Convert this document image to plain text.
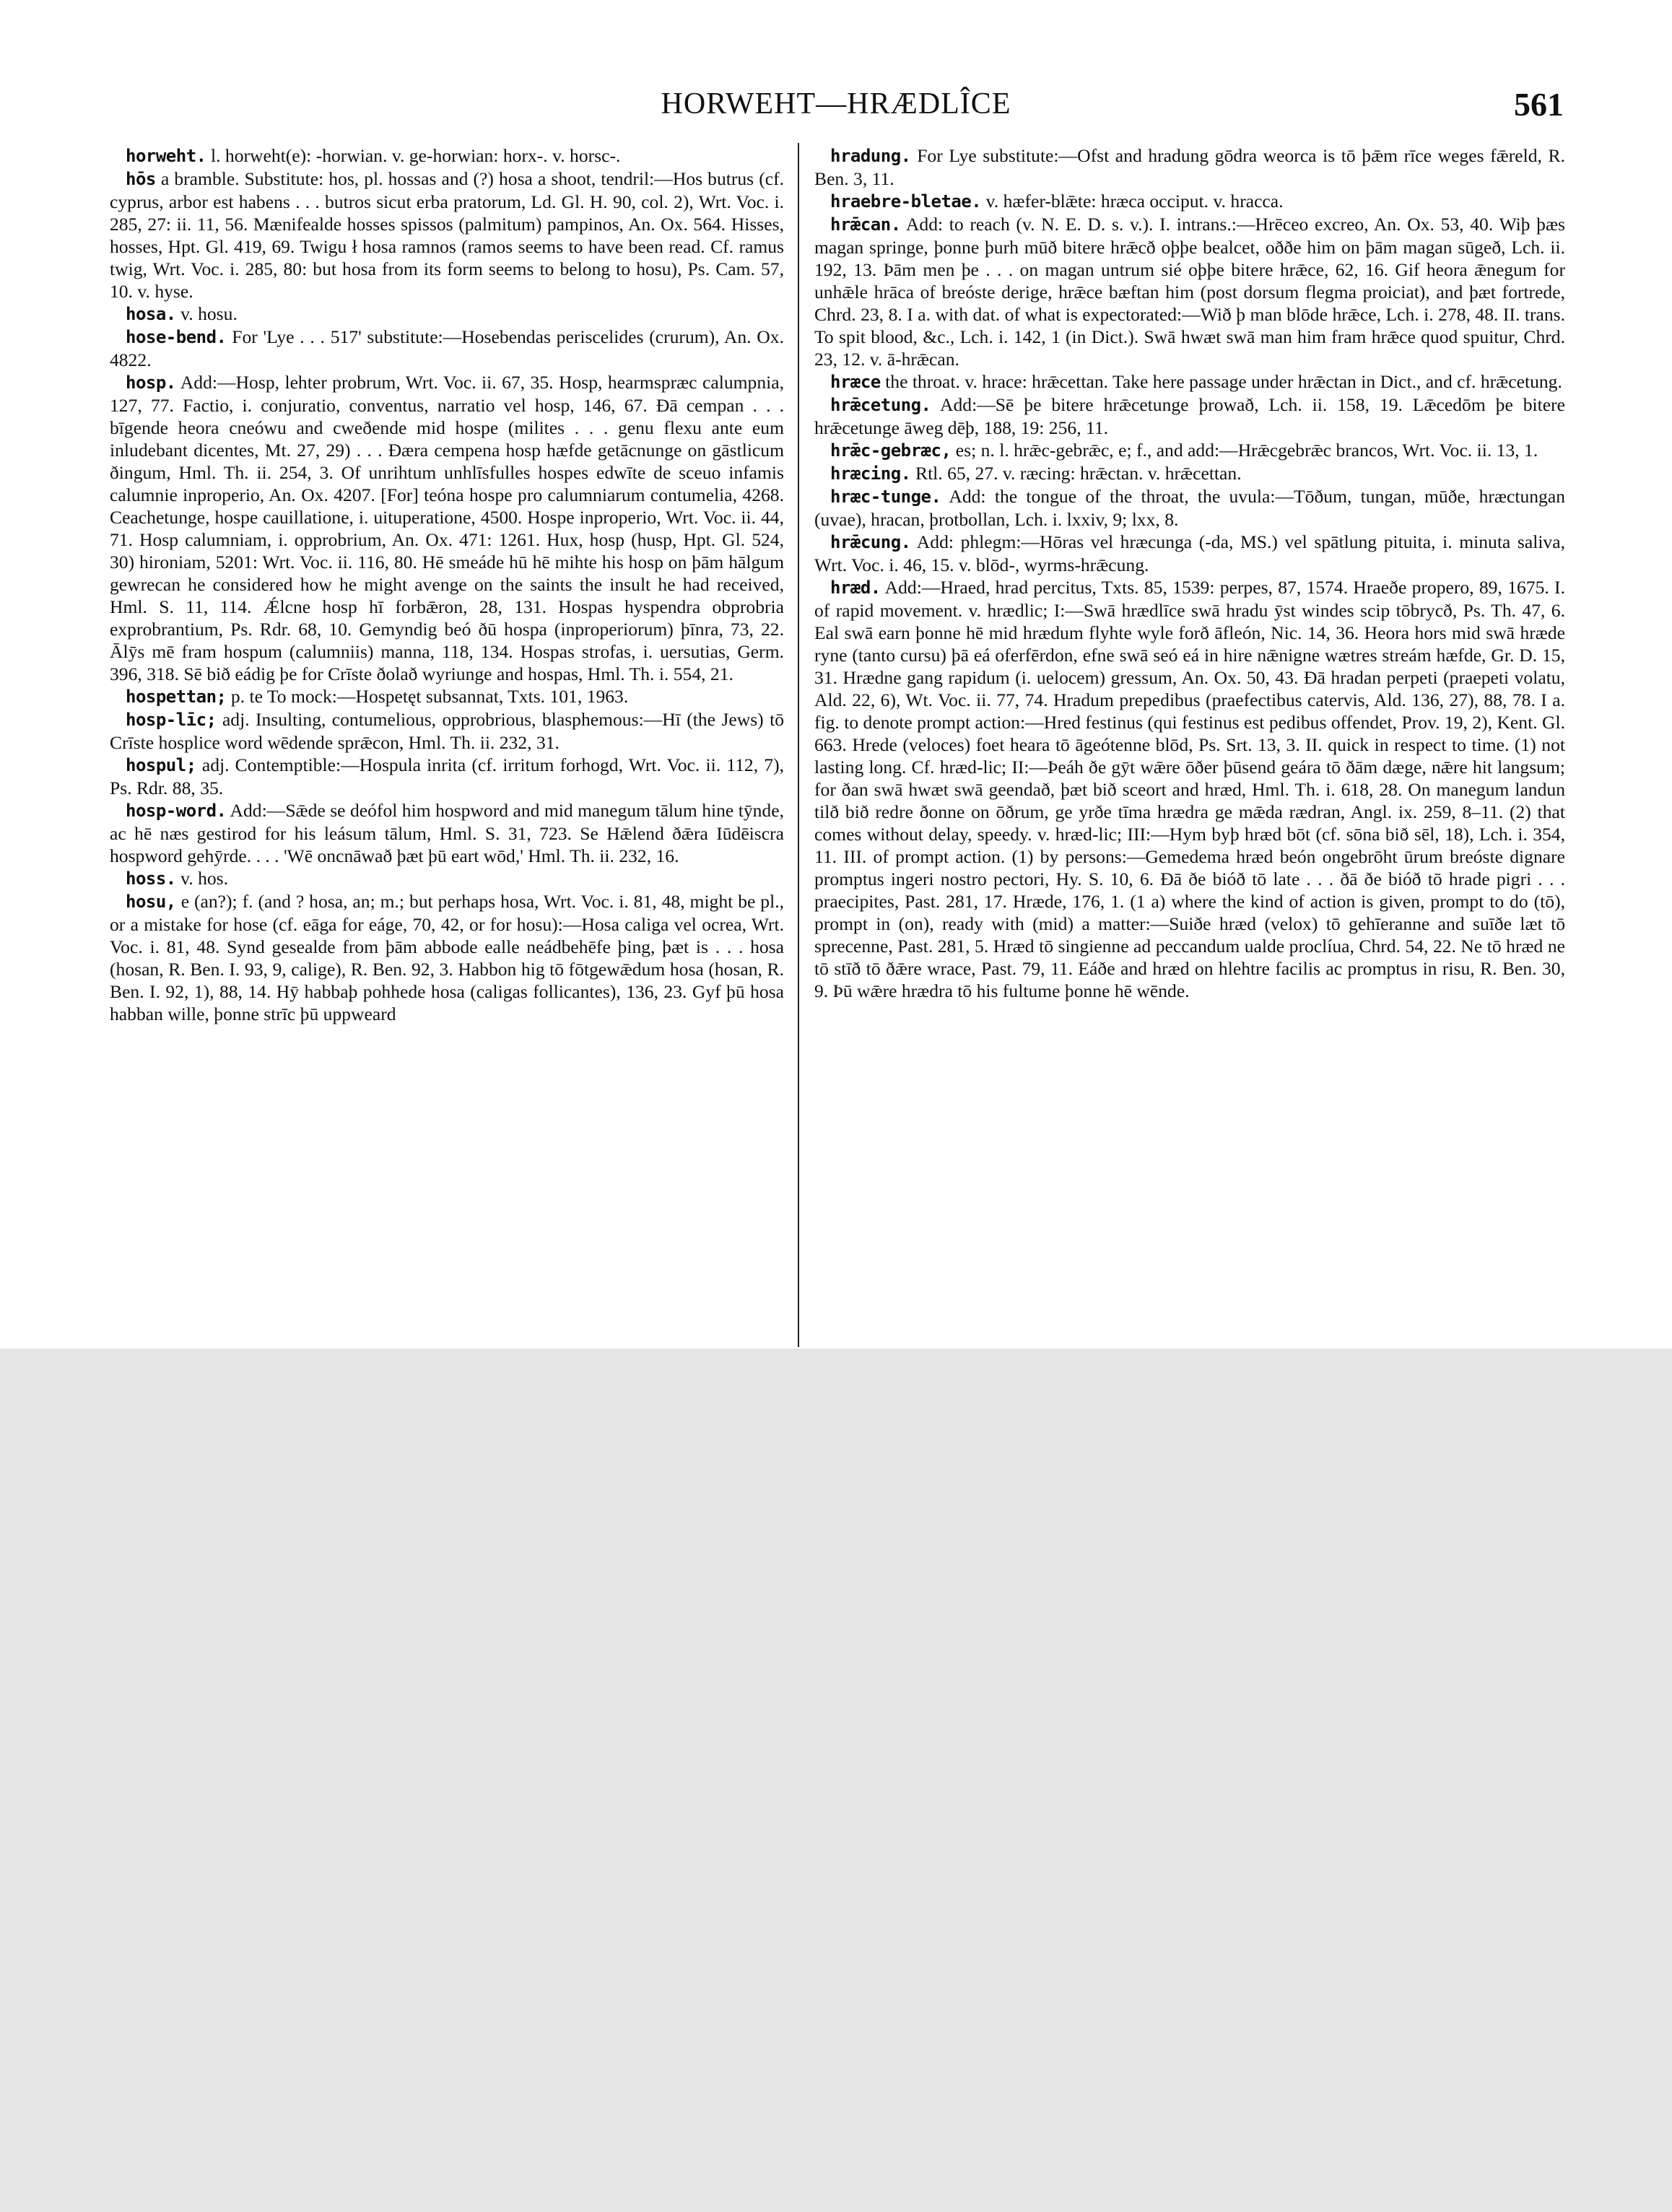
HORWEHT—HRÆDLÎCE	561

horweht. l. horweht(e): -horwian. v. ge-horwian: horx-. v. horsc-.

hōs a bramble. Substitute: hos, pl. hossas and (?) hosa a shoot, tendril:—Hos butrus (cf. cyprus, arbor est habens . . . butros sicut erba pratorum, Ld. Gl. H. 90, col. 2), Wrt. Voc. i. 285, 27: ii. 11, 56. Mænifealde hosses spissos (palmitum) pampinos, An. Ox. 564. Hisses, hosses, Hpt. Gl. 419, 69. Twigu ł hosa ramnos (ramos seems to have been read. Cf. ramus twig, Wrt. Voc. i. 285, 80: but hosa from its form seems to belong to hosu), Ps. Cam. 57, 10. v. hyse.

hosa. v. hosu.

hose-bend. For 'Lye . . . 517' substitute:—Hosebendas periscelides (crurum), An. Ox. 4822.

hosp. Add:—Hosp, lehter probrum, Wrt. Voc. ii. 67, 35. Hosp, hearmspræc calumpnia, 127, 77. Factio, i. conjuratio, conventus, narratio vel hosp, 146, 67. Ðā cempan . . . bīgende heora cneówu and cweðende mid hospe (milites . . . genu flexu ante eum inludebant dicentes, Mt. 27, 29) . . . Ðæra cempena hosp hæfde getācnunge on gāstlicum ðingum, Hml. Th. ii. 254, 3. Of unrihtum unhlīsfulles hospes edwīte de sceuo infamis calumnie inproperio, An. Ox. 4207. [For] teóna hospe pro calumniarum contumelia, 4268. Ceachetunge, hospe cauillatione, i. uituperatione, 4500. Hospe inproperio, Wrt. Voc. ii. 44, 71. Hosp calumniam, i. opprobrium, An. Ox. 471: 1261. Hux, hosp (husp, Hpt. Gl. 524, 30) hironiam, 5201: Wrt. Voc. ii. 116, 80. Hē smeáde hū hē mihte his hosp on þām hālgum gewrecan he considered how he might avenge on the saints the insult he had received, Hml. S. 11, 114. Ǽlcne hosp hī forbǣron, 28, 131. Hospas hyspendra obprobria exprobrantium, Ps. Rdr. 68, 10. Gemyndig beó ðū hospa (inproperiorum) þīnra, 73, 22. Ālȳs mē fram hospum (calumniis) manna, 118, 134. Hospas strofas, i. uersutias, Germ. 396, 318. Sē bið eádig þe for Crīste ðolað wyriunge and hospas, Hml. Th. i. 554, 21.

hospettan; p. te To mock:—Hospetęt subsannat, Txts. 101, 1963.

hosp-līc; adj. Insulting, contumelious, opprobrious, blasphemous:—Hī (the Jews) tō Crīste hosplice word wēdende sprǣcon, Hml. Th. ii. 232, 31.

hospul; adj. Contemptible:—Hospula inrita (cf. irritum forhogd, Wrt. Voc. ii. 112, 7), Ps. Rdr. 88, 35.

hosp-word. Add:—Sǣde se deófol him hospword and mid manegum tālum hine tȳnde, ac hē næs gestirod for his leásum tālum, Hml. S. 31, 723. Se Hǣlend ðǣra Iūdēiscra hospword gehȳrde. . . . 'Wē oncnāwað þæt þū eart wōd,' Hml. Th. ii. 232, 16.

hoss. v. hos.

hosu, e (an?); f. (and ? hosa, an; m.; but perhaps hosa, Wrt. Voc. i. 81, 48, might be pl., or a mistake for hose (cf. eāga for eáge, 70, 42, or for hosu):—Hosa caliga vel ocrea, Wrt. Voc. i. 81, 48. Synd gesealde from þām abbode ealle neádbehēfe þing, þæt is . . . hosa (hosan, R. Ben. I. 93, 9, calige), R. Ben. 92, 3. Habbon hig tō fōtgewǣdum hosa (hosan, R. Ben. I. 92, 1), 88, 14. Hȳ habbaþ pohhede hosa (caligas follicantes), 136, 23. Gyf þū hosa habban wille, þonne strīc þū uppweard

hradung. For Lye substitute:—Ofst and hradung gōdra weorca is tō þǣm rīce weges fǣreld, R. Ben. 3, 11.

hraebre-bletae. v. hæfer-blǣte: hræca occiput. v. hracca.

hrǣcan. Add: to reach (v. N. E. D. s. v.). I. intrans.:—Hrēceo excreo, An. Ox. 53, 40. Wiþ þæs magan springe, þonne þurh mūð bitere hrǣcð oþþe bealcet, oððe him on þām magan sūgeð, Lch. ii. 192, 13. Þām men þe . . . on magan untrum sié oþþe bitere hrǣce, 62, 16. Gif heora ǣnegum for unhǣle hrāca of breóste derige, hrǣce bæftan him (post dorsum flegma proiciat), and þæt fortrede, Chrd. 23, 8. I a. with dat. of what is expectorated:—Wið þ man blōde hrǣce, Lch. i. 278, 48. II. trans. To spit blood, &c., Lch. i. 142, 1 (in Dict.). Swā hwæt swā man him fram hrǣce quod spuitur, Chrd. 23, 12. v. ā-hrǣcan.

hræce the throat. v. hrace: hrǣcettan. Take here passage under hrǣctan in Dict., and cf. hrǣcetung.

hrǣcetung. Add:—Sē þe bitere hrǣcetunge þrowað, Lch. ii. 158, 19. Lǣcedōm þe bitere hrǣcetunge āweg dēþ, 188, 19: 256, 11.

hrǣc-gebræc, es; n. l. hrǣc-gebrǣc, e; f., and add:—Hrǣcgebrǣc brancos, Wrt. Voc. ii. 13, 1.

hræcing. Rtl. 65, 27. v. ræcing: hrǣctan. v. hrǣcettan.

hræc-tunge. Add: the tongue of the throat, the uvula:—Tōðum, tungan, mūðe, hræctungan (uvae), hracan, þrotbollan, Lch. i. lxxiv, 9; lxx, 8.

hrǣcung. Add: phlegm:—Hōras vel hræcunga (-da, MS.) vel spātlung pituita, i. minuta saliva, Wrt. Voc. i. 46, 15. v. blōd-, wyrms-hrǣcung.

hræd. Add:—Hraed, hrad percitus, Txts. 85, 1539: perpes, 87, 1574. Hraeðe propero, 89, 1675. I. of rapid movement. v. hrædlic; I:—Swā hrædlīce swā hradu ȳst windes scip tōbrycð, Ps. Th. 47, 6. Eal swā earn þonne hē mid hrædum flyhte wyle forð āfleón, Nic. 14, 36. Heora hors mid swā hræde ryne (tanto cursu) þā eá oferfērdon, efne swā seó eá in hire nǣnigne wætres streám hæfde, Gr. D. 15, 31. Hrædne gang rapidum (i. uelocem) gressum, An. Ox. 50, 43. Ðā hradan perpeti (praepeti volatu, Ald. 22, 6), Wt. Voc. ii. 77, 74. Hradum prepedibus (praefectibus catervis, Ald. 136, 27), 88, 78. I a. fig. to denote prompt action:—Hred festinus (qui festinus est pedibus offendet, Prov. 19, 2), Kent. Gl. 663. Hrede (veloces) foet heara tō āgeótenne blōd, Ps. Srt. 13, 3. II. quick in respect to time. (1) not lasting long. Cf. hræd-lic; II:—Þeáh ðe gȳt wǣre ōðer þūsend geára tō ðām dæge, nǣre hit langsum; for ðan swā hwæt swā geendað, þæt bið sceort and hræd, Hml. Th. i. 618, 28. On manegum landun tilð bið redre ðonne on ōðrum, ge yrðe tīma hrædra ge mǣda rædran, Angl. ix. 259, 8–11. (2) that comes without delay, speedy. v. hræd-lic; III:—Hym byþ hræd bōt (cf. sōna bið sēl, 18), Lch. i. 354, 11. III. of prompt action. (1) by persons:—Gemedema hræd beón ongebrōht ūrum breóste dignare promptus ingeri nostro pectori, Hy. S. 10, 6. Ðā ðe bióð tō late . . . ðā ðe bióð tō hrade pigri . . . praecipites, Past. 281, 17. Hræde, 176, 1. (1 a) where the kind of action is given, prompt to do (tō), prompt in (on), ready with (mid) a matter:—Suiðe hræd (velox) tō gehīeranne and suīðe læt tō sprecenne, Past. 281, 5. Hræd tō singienne ad peccandum ualde proclíua, Chrd. 54, 22. Ne tō hræd ne tō stīð tō ðǣre wrace, Past. 79, 11. Eáðe and hræd on hlehtre facilis ac promptus in risu, R. Ben. 30, 9. Þū wǣre hrædra tō his fultume þonne hē wēnde.
